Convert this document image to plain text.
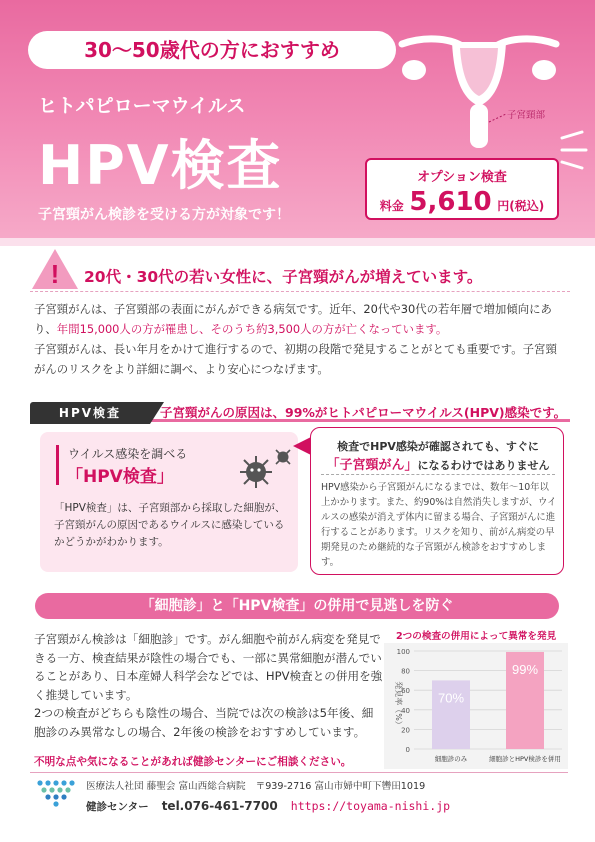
30〜50歳代の方におすすめ
ヒトパピローマウイルス
HPV検査
子宮頸がん検診を受ける方が対象です！
子宮頸部
オプション検査
料金 5,610 円(税込)
! 20代・30代の若い女性に、子宮頸がんが増えています。
子宮頸がんは、子宮頸部の表面にがんができる病気です。近年、20代や30代の若年層で増加傾向にあり、年間15,000人の方が罹患し、そのうち約3,500人の方が亡くなっています。
子宮頸がんは、長い年月をかけて進行するので、初期の段階で発見することがとても重要です。子宮頸がんのリスクをより詳細に調べ、より安心につなげます。
HPV検査	子宮頸がんの原因は、99%がヒトパピローマウイルス(HPV)感染です。
ウイルス感染を調べる
「HPV検査」
「HPV検査」は、子宮頸部から採取した細胞が、子宮頸がんの原因であるウイルスに感染しているかどうかがわかります。
検査でHPV感染が確認されても、すぐに
「子宮頸がん」になるわけではありません
HPV感染から子宮頸がんになるまでは、数年〜10年以上かかります。また、約90%は自然消失しますが、ウイルスの感染が消えず体内に留まる場合、子宮頸がんに進行することがあります。リスクを知り、前がん病変の早期発見のため継続的な子宮頸がん検診をおすすめします。
「細胞診」と「HPV検査」の併用で見逃しを防ぐ
子宮頸がん検診は「細胞診」です。がん細胞や前がん病変を発見できる一方、検査結果が陰性の場合でも、一部に異常細胞が潜んでいることがあり、日本産婦人科学会などでは、HPV検査との併用を強く推奨しています。
2つの検査がどちらも陰性の場合、当院では次の検診は5年後、細胞診のみ異常なしの場合、2年後の検診をおすすめしています。
2つの検査の併用によって異常を発見
0
20
40
60
80
100
発見率（%）	70%
99%
細胞診のみ	細胞診とHPV検診を併用
不明な点や気になることがあれば健診センターにご相談ください。
医療法人社団 藤聖会 富山西総合病院 〒939-2716 富山市婦中町下轡田1019
健診センター tel.076-461-7700 https://toyama-nishi.jp
